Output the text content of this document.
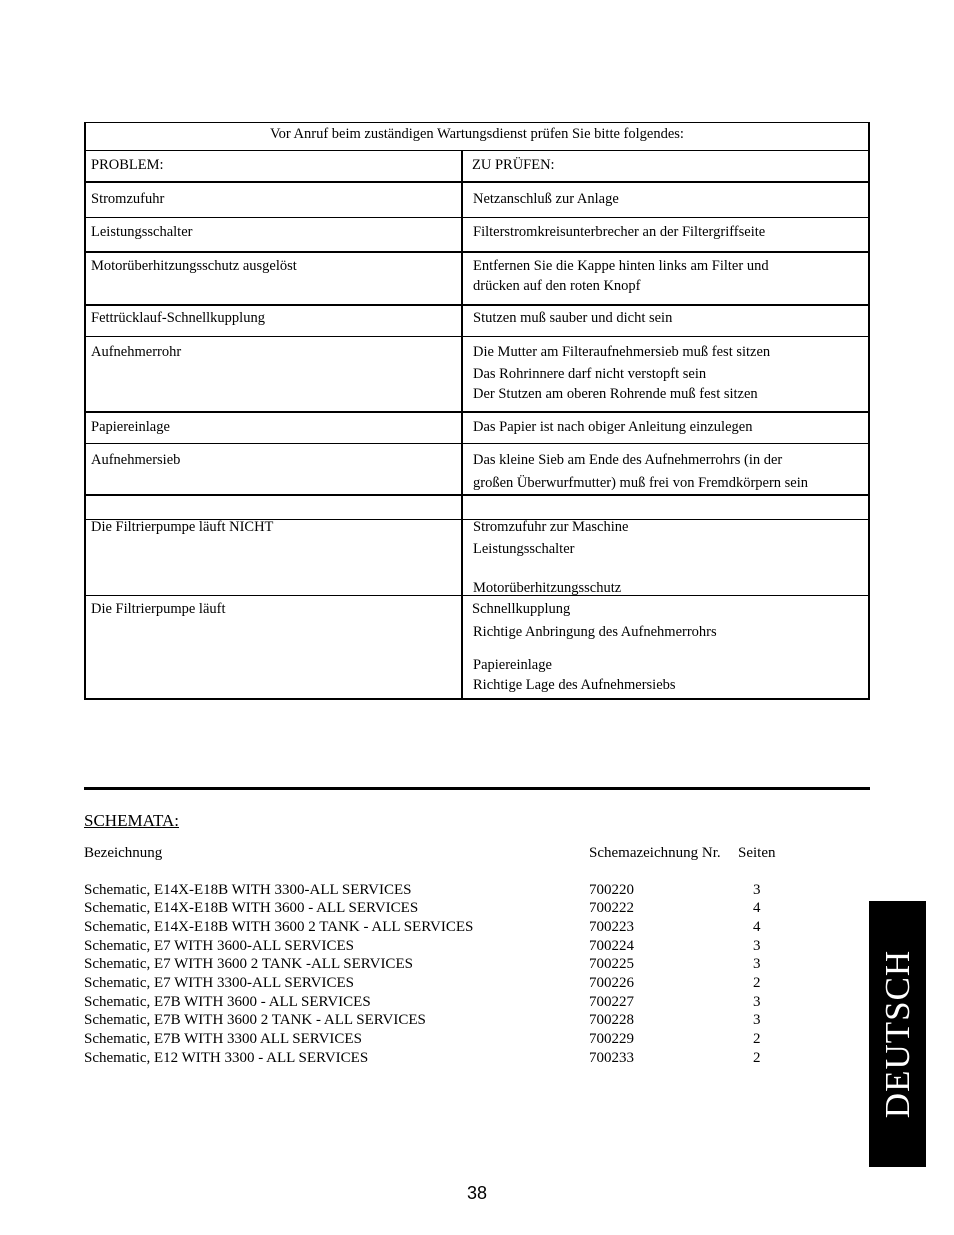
Vor Anruf beim zuständigen Wartungsdienst prüfen Sie bitte folgendes:
PROBLEM:	ZU PRÜFEN:
Stromzufuhr	Netzanschluß zur Anlage
Leistungsschalter	Filterstromkreisunterbrecher an der Filtergriffseite
Motorüberhitzungsschutz ausgelöst	Entfernen Sie die Kappe hinten links am Filter und
drücken auf den roten Knopf
Fettrücklauf-Schnellkupplung	Stutzen muß sauber und dicht sein
Aufnehmerrohr	Die Mutter am Filteraufnehmersieb muß fest sitzen
Das Rohrinnere darf nicht verstopft sein
Der Stutzen am oberen Rohrende muß fest sitzen
Papiereinlage	Das Papier ist nach obiger Anleitung einzulegen
Aufnehmersieb	Das kleine Sieb am Ende des Aufnehmerrohrs (in der
großen Überwurfmutter) muß frei von Fremdkörpern sein
Die Filtrierpumpe läuft NICHT	Stromzufuhr zur Maschine
Leistungsschalter
Motorüberhitzungsschutz
Die Filtrierpumpe läuft	Schnellkupplung
Richtige Anbringung des Aufnehmerrohrs
Papiereinlage
Richtige Lage des Aufnehmersiebs
SCHEMATA:
Bezeichnung	Schemazeichnung Nr. Seiten
Schematic, E14X-E18B WITH 3300-ALL SERVICES	700220	3
Schematic, E14X-E18B WITH 3600 - ALL SERVICES	700222	4
Schematic, E14X-E18B WITH 3600 2 TANK - ALL SERVICES	700223	4
Schematic, E7 WITH 3600-ALL SERVICES	700224	3
Schematic, E7 WITH 3600 2 TANK -ALL SERVICES	700225	3
Schematic, E7 WITH 3300-ALL SERVICES	700226	2
Schematic, E7B WITH 3600 - ALL SERVICES	700227	3
Schematic, E7B WITH 3600 2 TANK - ALL SERVICES	700228	3
Schematic, E7B WITH 3300 ALL SERVICES	700229	2
Schematic, E12 WITH 3300 - ALL SERVICES	700233	2	DEUTSCH
38
